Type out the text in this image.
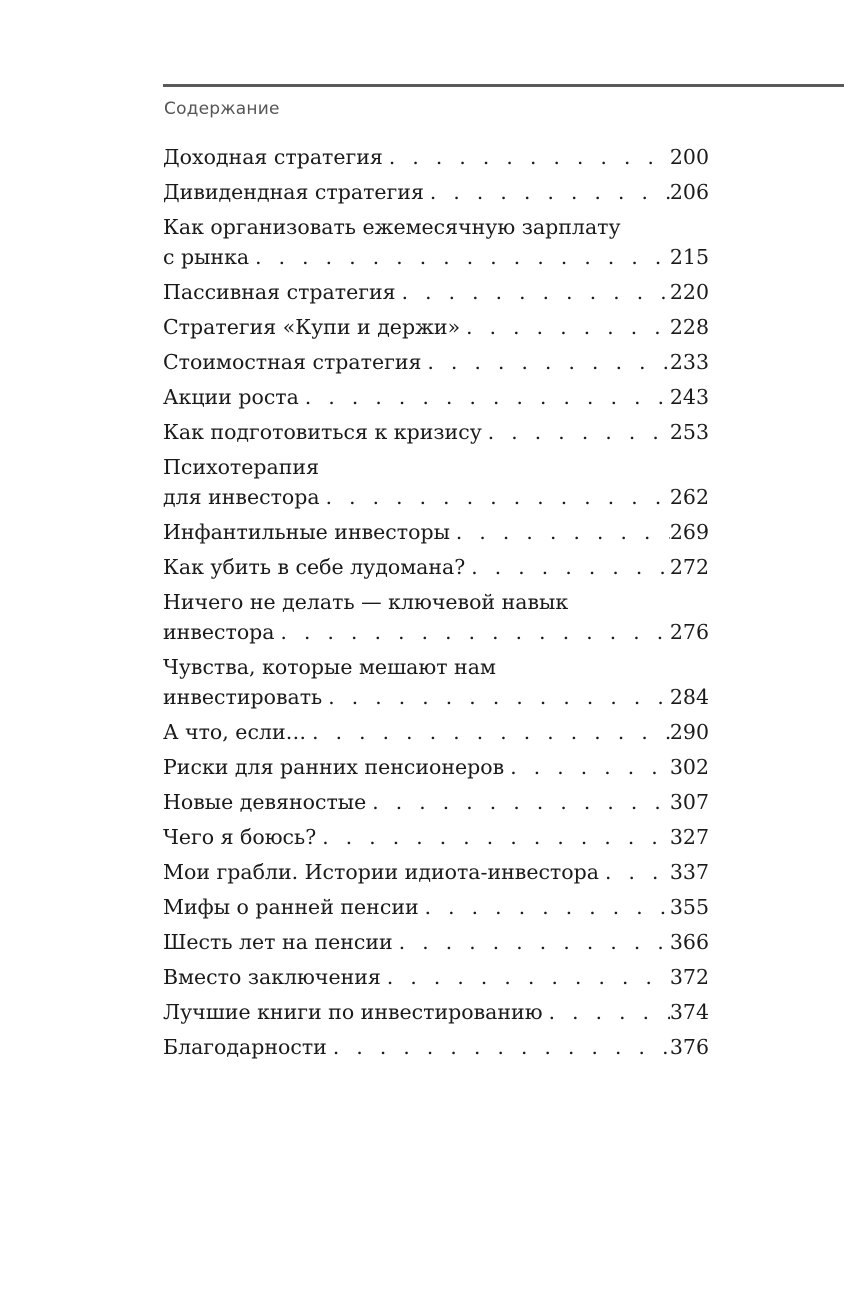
Содержание
Доходная стратегия . . .	200
Дивидендная стратегия . . .	206
Как организовать ежемесячную зарплату
с рынка . . .	215
Пассивная стратегия . . .	220
Стратегия «Купи и держи» . . .	228
Стоимостная стратегия . . .	233
Акции роста . . .	243
Как подготовиться к кризису . . .	253
Психотерапия
для инвестора . . .	262
Инфантильные инвесторы . . .	269
Как убить в себе лудомана? . . .	272
Ничего не делать — ключевой навык
инвестора . . .	276
Чувства, которые мешают нам
инвестировать . . .	284
А что, если… . . .	290
Риски для ранних пенсионеров . . .	302
Новые девяностые . . .	307
Чего я боюсь? . . .	327
Мои грабли. Истории идиота-инвестора . . .	337
Мифы о ранней пенсии . . .	355
Шесть лет на пенсии . . .	366
Вместо заключения . . .	372
Лучшие книги по инвестированию . . .	374
Благодарности . . .	376
